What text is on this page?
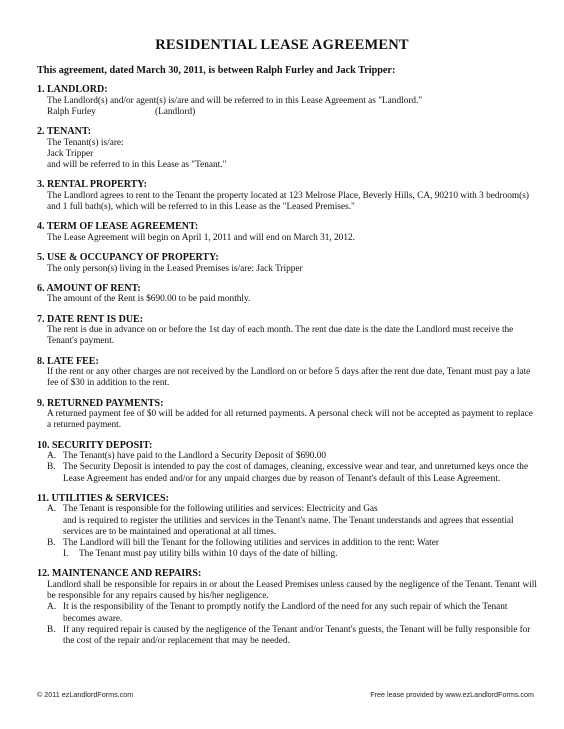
RESIDENTIAL LEASE AGREEMENT
This agreement, dated March 30, 2011, is between Ralph Furley and Jack Tripper:
1. LANDLORD:
The Landlord(s) and/or agent(s) is/are and will be referred to in this Lease Agreement as "Landlord."
Ralph Furley	(Landlord)
2. TENANT:
The Tenant(s) is/are:
Jack Tripper
and will be referred to in this Lease as "Tenant."
3. RENTAL PROPERTY:
The Landlord agrees to rent to the Tenant the property located at 123 Melrose Place, Beverly Hills, CA, 90210 with 3 bedroom(s) and 1 full bath(s), which will be referred to in this Lease as the "Leased Premises."
4. TERM OF LEASE AGREEMENT:
The Lease Agreement will begin on April 1, 2011 and will end on March 31, 2012.
5. USE & OCCUPANCY OF PROPERTY:
The only person(s) living in the Leased Premises is/are: Jack Tripper
6. AMOUNT OF RENT:
The amount of the Rent is $690.00 to be paid monthly.
7. DATE RENT IS DUE:
The rent is due in advance on or before the 1st day of each month. The rent due date is the date the Landlord must receive the Tenant's payment.
8. LATE FEE:
If the rent or any other charges are not received by the Landlord on or before 5 days after the rent due date, Tenant must pay a late fee of $30 in addition to the rent.
9. RETURNED PAYMENTS:
A returned payment fee of $0 will be added for all returned payments. A personal check will not be accepted as payment to replace a returned payment.
10. SECURITY DEPOSIT:
A. The Tenant(s) have paid to the Landlord a Security Deposit of $690.00
B. The Security Deposit is intended to pay the cost of damages, cleaning, excessive wear and tear, and unreturned keys once the Lease Agreement has ended and/or for any unpaid charges due by reason of Tenant's default of this Lease Agreement.
11. UTILITIES & SERVICES:
A. The Tenant is responsible for the following utilities and services: Electricity and Gas
and is required to register the utilities and services in the Tenant's name. The Tenant understands and agrees that essential services are to be maintained and operational at all times.
B. The Landlord will bill the Tenant for the following utilities and services in addition to the rent: Water
I.	The Tenant must pay utility bills within 10 days of the date of billing.
12. MAINTENANCE AND REPAIRS:
Landlord shall be responsible for repairs in or about the Leased Premises unless caused by the negligence of the Tenant. Tenant will be responsible for any repairs caused by his/her negligence.
A. It is the responsibility of the Tenant to promptly notify the Landlord of the need for any such repair of which the Tenant becomes aware.
B. If any required repair is caused by the negligence of the Tenant and/or Tenant's guests, the Tenant will be fully responsible for the cost of the repair and/or replacement that may be needed.
© 2011 ezLandlordForms.com	Free lease provided by www.ezLandlordForms.com
